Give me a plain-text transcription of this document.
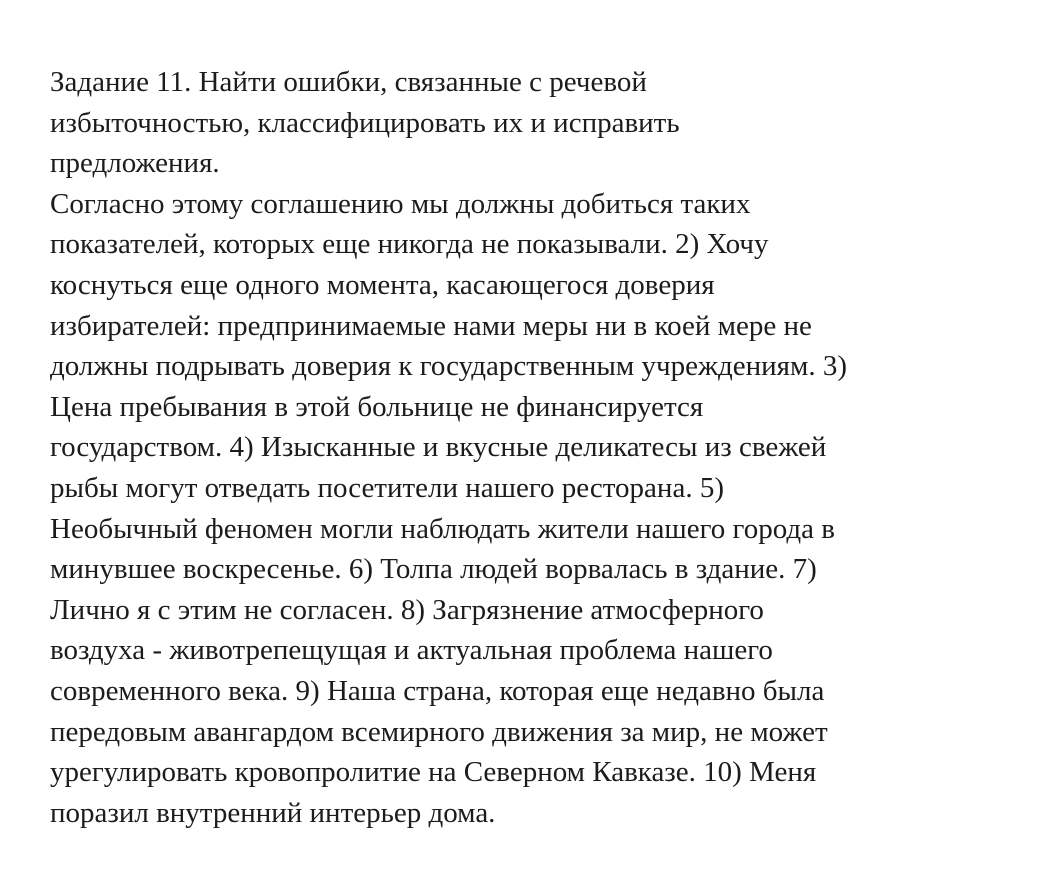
Задание 11. Найти ошибки, связанные с речевой
избыточностью, классифицировать их и исправить
предложения.
Согласно этому соглашению мы должны добиться таких
показателей, которых еще никогда не показывали. 2) Хочу
коснуться еще одного момента, касающегося доверия
избирателей: предпринимаемые нами меры ни в коей мере не
должны подрывать доверия к государственным учреждениям. 3)
Цена пребывания в этой больнице не финансируется
государством. 4) Изысканные и вкусные деликатесы из свежей
рыбы могут отведать посетители нашего ресторана. 5)
Необычный феномен могли наблюдать жители нашего города в
минувшее воскресенье. 6) Толпа людей ворвалась в здание. 7)
Лично я с этим не согласен. 8) Загрязнение атмосферного
воздуха - животрепещущая и актуальная проблема нашего
современного века. 9) Наша страна, которая еще недавно была
передовым авангардом всемирного движения за мир, не может
урегулировать кровопролитие на Северном Кавказе. 10) Меня
поразил внутренний интерьер дома.
